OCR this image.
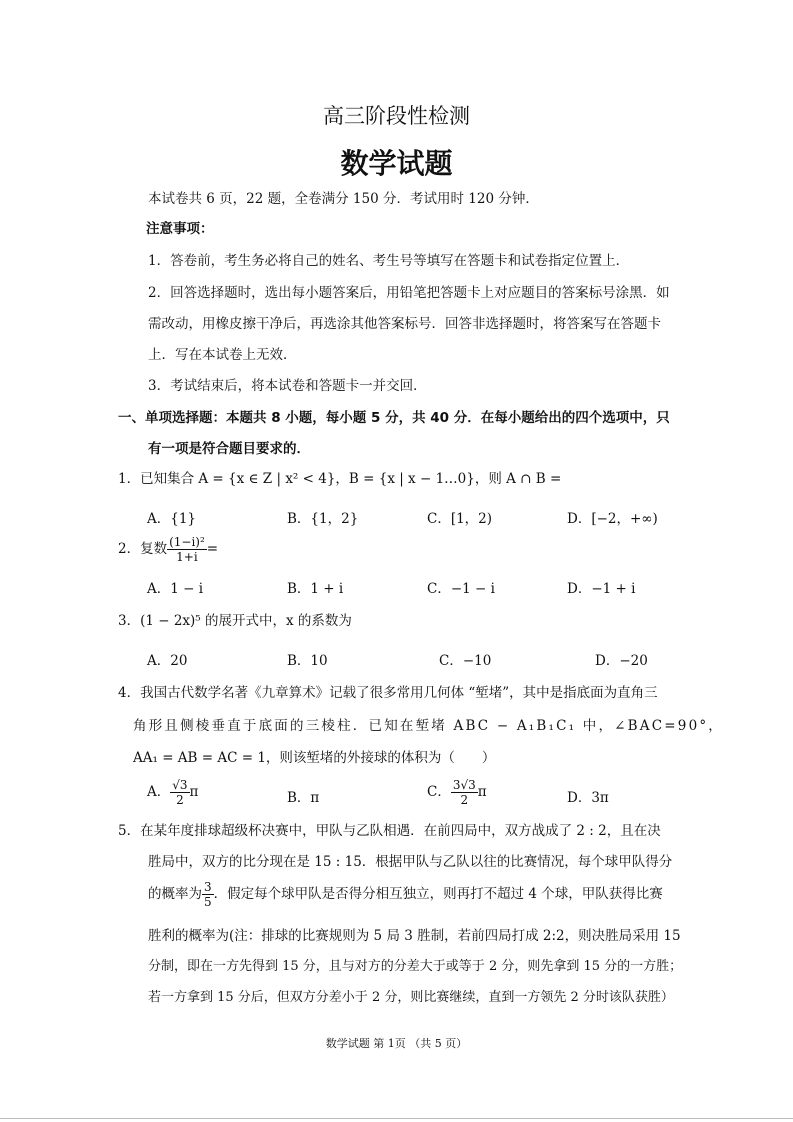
高三阶段性检测
数学试题
本试卷共 6 页，22 题，全卷满分 150 分．考试用时 120 分钟．
注意事项：
1．答卷前，考生务必将自己的姓名、考生号等填写在答题卡和试卷指定位置上．
2．回答选择题时，选出每小题答案后，用铅笔把答题卡上对应题目的答案标号涂黑．如
需改动，用橡皮擦干净后，再选涂其他答案标号．回答非选择题时，将答案写在答题卡
上．写在本试卷上无效．
3．考试结束后，将本试卷和答题卡一并交回．
一、单项选择题：本题共 8 小题，每小题 5 分，共 40 分．在每小题给出的四个选项中，只
有一项是符合题目要求的．
1．已知集合 A = {x ∈ Z | x² < 4}，B = {x | x − 1…0}，则 A ∩ B =
A．{1}	B．{1，2}	C．[1，2)	D．[−2，+∞)
2．复数 $\frac{\text{(1−i)²}}{1+i}$ =
A．1 − i	B．1 + i	C．−1 − i	D．−1 + i
3．(1 − 2x)⁵ 的展开式中，x 的系数为
A．20	B．10	C．−10	D．−20
4．我国古代数学名著《九章算术》记载了很多常用几何体 “堑堵”，其中是指底面为直角三
角形且侧棱垂直于底面的三棱柱．已知在堑堵 ABC − A₁B₁C₁ 中，∠BAC=90°，
AA₁ = AB = AC = 1，则该堑堵的外接球的体积为（　　）
A． $\frac{√3}{2}$ π	B．π	C． $\frac{3√3}{2}$ π	D．3π
5．在某年度排球超级杯决赛中，甲队与乙队相遇．在前四局中，双方战成了 2 : 2，且在决
胜局中，双方的比分现在是 15 : 15．根据甲队与乙队以往的比赛情况，每个球甲队得分
的概率为 $\frac{3}{5}$ ．假定每个球甲队是否得分相互独立，则再打不超过 4 个球，甲队获得比赛
胜利的概率为(注：排球的比赛规则为 5 局 3 胜制，若前四局打成 2:2，则决胜局采用 15
分制，即在一方先得到 15 分，且与对方的分差大于或等于 2 分，则先拿到 15 分的一方胜；
若一方拿到 15 分后，但双方分差小于 2 分，则比赛继续，直到一方领先 2 分时该队获胜）
数学试题 第 1页 （共 5 页）
